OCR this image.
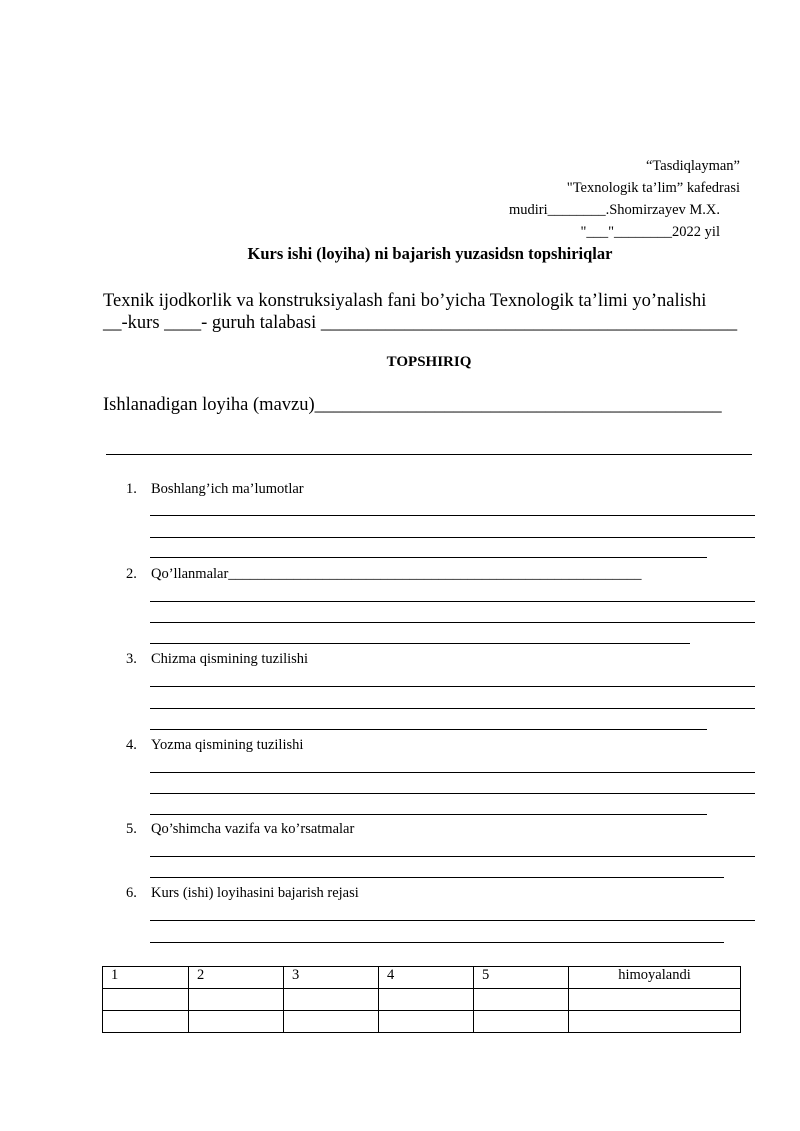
“Tasdiqlayman”
"Texnologik ta’lim” kafedrasi
mudiri________.Shomirzayev M.X.
"___"________2022 yil
Kurs ishi (loyiha) ni bajarish yuzasidsn topshiriqlar
Texnik ijodkorlik va konstruksiyalash fani bo’yicha Texnologik ta’limi yo’nalishi
__-kurs ____- guruh talabasi _____________________________________________
TOPSHIRIQ
Ishlanadigan loyiha (mavzu)____________________________________________
1. Boshlang’ich ma’lumotlar
2. Qo’llanmalar_________________________________________________________
3. Chizma qismining tuzilishi
4. Yozma qismining tuzilishi
5. Qo’shimcha vazifa va ko’rsatmalar
6. Kurs (ishi) loyihasini bajarish rejasi
1	2	3	4	5	himoyalandi
